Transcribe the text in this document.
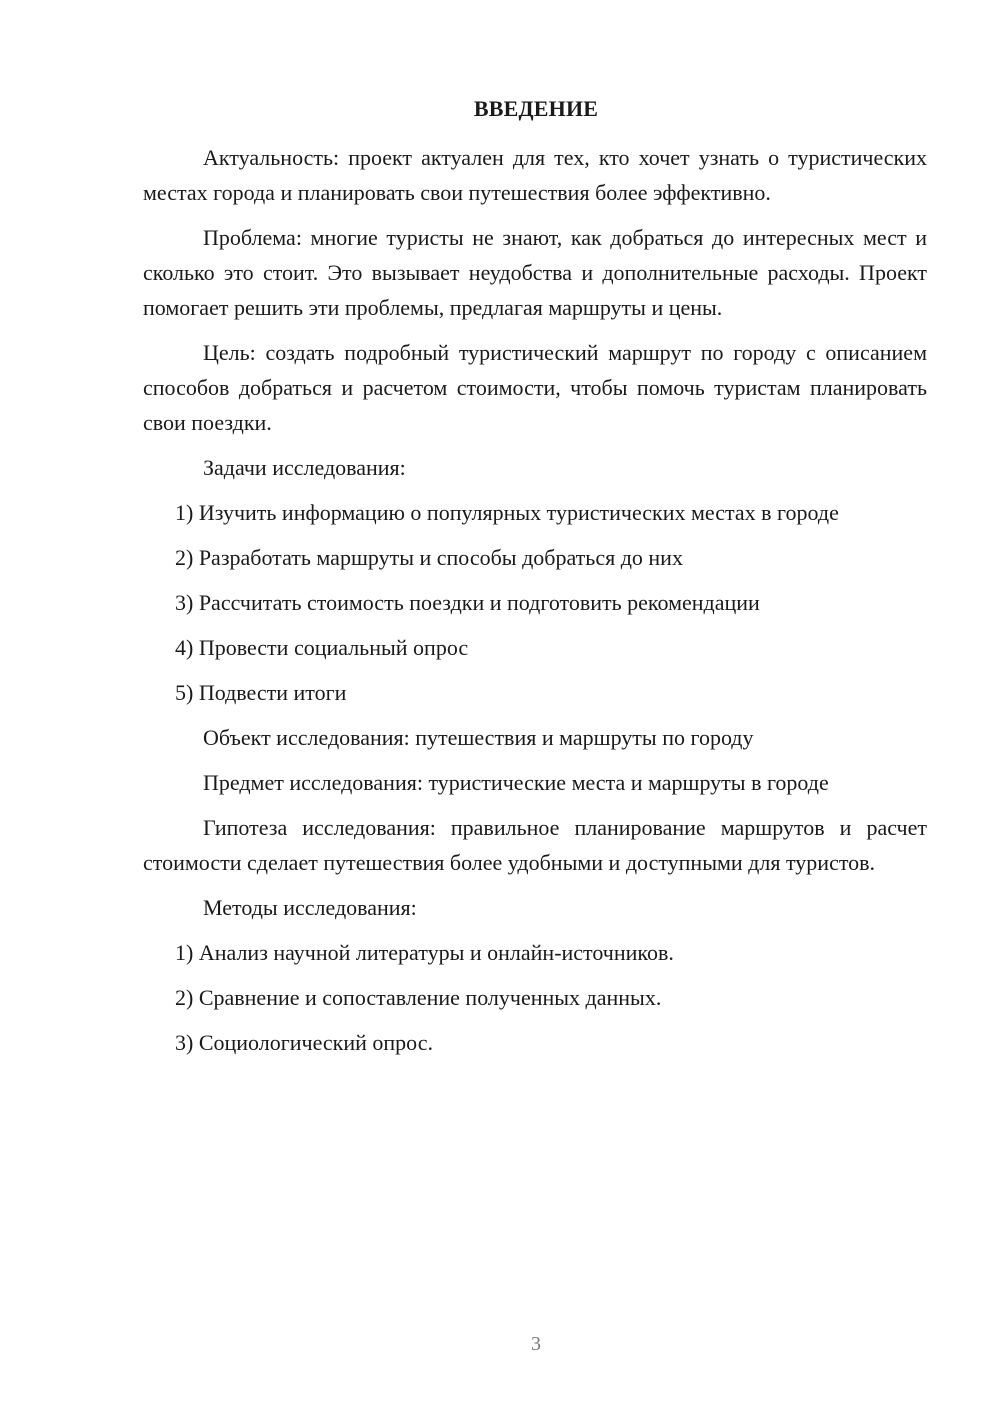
ВВЕДЕНИЕ

Актуальность: проект актуален для тех, кто хочет узнать о туристических местах города и планировать свои путешествия более эффективно.

Проблема: многие туристы не знают, как добраться до интересных мест и сколько это стоит. Это вызывает неудобства и дополнительные расходы. Проект помогает решить эти проблемы, предлагая маршруты и цены.

Цель: создать подробный туристический маршрут по городу с описанием способов добраться и расчетом стоимости, чтобы помочь туристам планировать свои поездки.

Задачи исследования:
1) Изучить информацию о популярных туристических местах в городе
2) Разработать маршруты и способы добраться до них
3) Рассчитать стоимость поездки и подготовить рекомендации
4) Провести социальный опрос
5) Подвести итоги
Объект исследования: путешествия и маршруты по городу
Предмет исследования: туристические места и маршруты в городе

Гипотеза исследования: правильное планирование маршрутов и расчет стоимости сделает путешествия более удобными и доступными для туристов.

Методы исследования:
1) Анализ научной литературы и онлайн-источников.
2) Сравнение и сопоставление полученных данных.
3) Социологический опрос.
3
